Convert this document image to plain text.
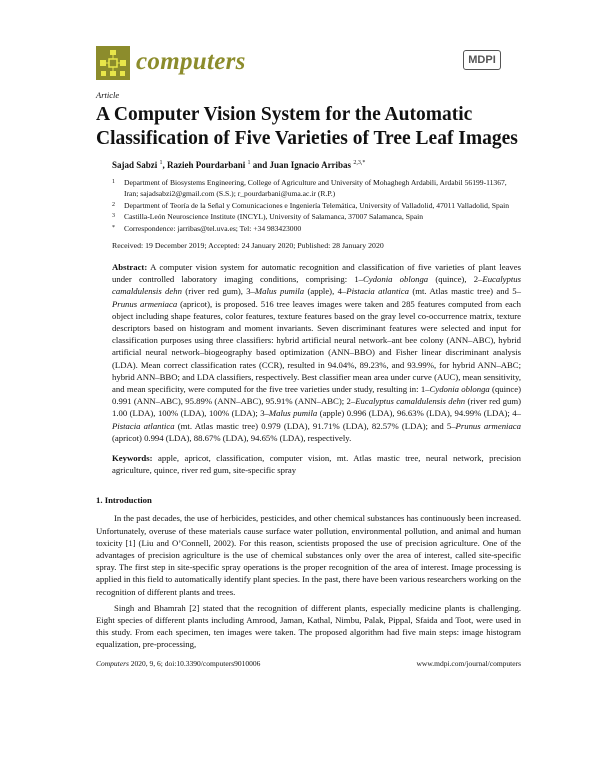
computers	MDPI
Article
A Computer Vision System for the Automatic Classification of Five Varieties of Tree Leaf Images
Sajad Sabzi $^1$, Razieh Pourdarbani $^1$ and Juan Ignacio Arribas $^{2,3,*}$
1 Department of Biosystems Engineering, College of Agriculture and University of Mohaghegh Ardabili, Ardabil 56199-11367, Iran; sajadsabzi2@gmail.com (S.S.); r_pourdarbani@uma.ac.ir (R.P.)
2 Department of Teoría de la Señal y Comunicaciones e Ingeniería Telemática, University of Valladolid, 47011 Valladolid, Spain
3 Castilla-León Neuroscience Institute (INCYL), University of Salamanca, 37007 Salamanca, Spain
* Correspondence: jarribas@tel.uva.es; Tel: +34 983423000
Received: 19 December 2019; Accepted: 24 January 2020; Published: 28 January 2020
Abstract: A computer vision system for automatic recognition and classification of five varieties of plant leaves under controlled laboratory imaging conditions, comprising: 1–Cydonia oblonga (quince), 2–Eucalyptus camaldulensis dehn (river red gum), 3–Malus pumila (apple), 4–Pistacia atlantica (mt. Atlas mastic tree) and 5–Prunus armeniaca (apricot), is proposed. 516 tree leaves images were taken and 285 features computed from each object including shape features, color features, texture features based on the gray level co-occurrence matrix, texture descriptors based on histogram and moment invariants. Seven discriminant features were selected and input for classification purposes using three classifiers: hybrid artificial neural network–ant bee colony (ANN–ABC), hybrid artificial neural network–biogeography based optimization (ANN–BBO) and Fisher linear discriminant analysis (LDA). Mean correct classification rates (CCR), resulted in 94.04%, 89.23%, and 93.99%, for hybrid ANN–ABC; hybrid ANN–BBO; and LDA classifiers, respectively. Best classifier mean area under curve (AUC), mean sensitivity, and mean specificity, were computed for the five tree varieties under study, resulting in: 1–Cydonia oblonga (quince) 0.991 (ANN–ABC), 95.89% (ANN–ABC), 95.91% (ANN–ABC); 2–Eucalyptus camaldulensis dehn (river red gum) 1.00 (LDA), 100% (LDA), 100% (LDA); 3–Malus pumila (apple) 0.996 (LDA), 96.63% (LDA), 94.99% (LDA); 4–Pistacia atlantica (mt. Atlas mastic tree) 0.979 (LDA), 91.71% (LDA), 82.57% (LDA); and 5–Prunus armeniaca (apricot) 0.994 (LDA), 88.67% (LDA), 94.65% (LDA), respectively.
Keywords: apple, apricot, classification, computer vision, mt. Atlas mastic tree, neural network, precision agriculture, quince, river red gum, site-specific spray
1. Introduction

In the past decades, the use of herbicides, pesticides, and other chemical substances has continuously been increased. Unfortunately, overuse of these materials cause surface water pollution, environmental pollution, and animal and human toxicity [1] (Liu and O’Connell, 2002). For this reason, scientists proposed the use of precision agriculture. One of the advantages of precision agriculture is the use of chemical substances only over the area of interest, called site-specific spray. The first step in site-specific spray operations is the proper recognition of the area of interest. Image processing is applied in this field to automatically identify plant species. In the past, there have been various researchers working on the recognition of different plants and trees.

Singh and Bhamrah [2] stated that the recognition of different plants, especially medicine plants is challenging. Eight species of different plants including Amrood, Jaman, Kathal, Nimbu, Palak, Pippal, Sfaida and Toot, were used in this study. From each specimen, ten images were taken. The proposed algorithm had five main steps: image histogram equalization, pre-processing,

Computers 2020, 9, 6; doi:10.3390/computers9010006	www.mdpi.com/journal/computers
